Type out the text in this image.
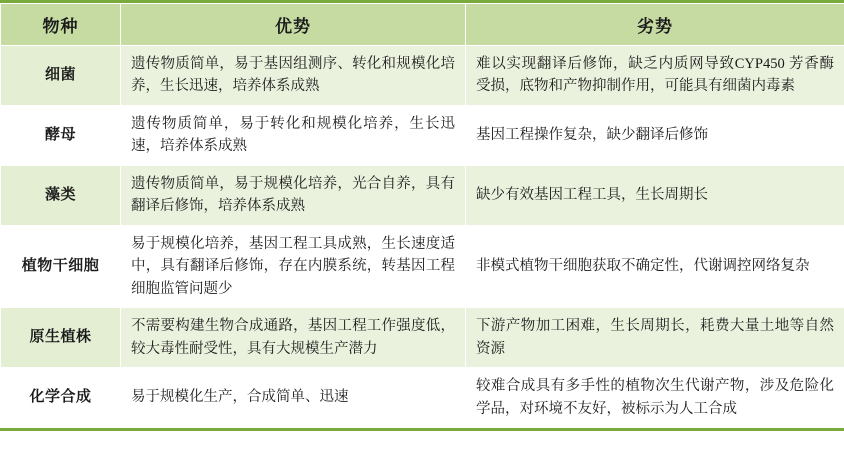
物种	优势	劣势

细菌	遗传物质简单，易于基因组测序、转化和规模化培养，生长迅速，培养体系成熟	难以实现翻译后修饰，缺乏内质网导致CYP450 芳香酶受损，底物和产物抑制作用，可能具有细菌内毒素

酵母	遗传物质简单，易于转化和规模化培养，生长迅速，培养体系成熟	基因工程操作复杂，缺少翻译后修饰

藻类	遗传物质简单，易于规模化培养，光合自养，具有翻译后修饰，培养体系成熟	缺少有效基因工程工具，生长周期长

植物干细胞	易于规模化培养，基因工程工具成熟，生长速度适中，具有翻译后修饰，存在内膜系统，转基因工程细胞监管问题少	非模式植物干细胞获取不确定性，代谢调控网络复杂

原生植株	不需要构建生物合成通路，基因工程工作强度低，较大毒性耐受性，具有大规模生产潜力	下游产物加工困难，生长周期长，耗费大量土地等自然资源

化学合成	易于规模化生产，合成简单、迅速	较难合成具有多手性的植物次生代谢产物，涉及危险化学品，对环境不友好，被标示为人工合成
